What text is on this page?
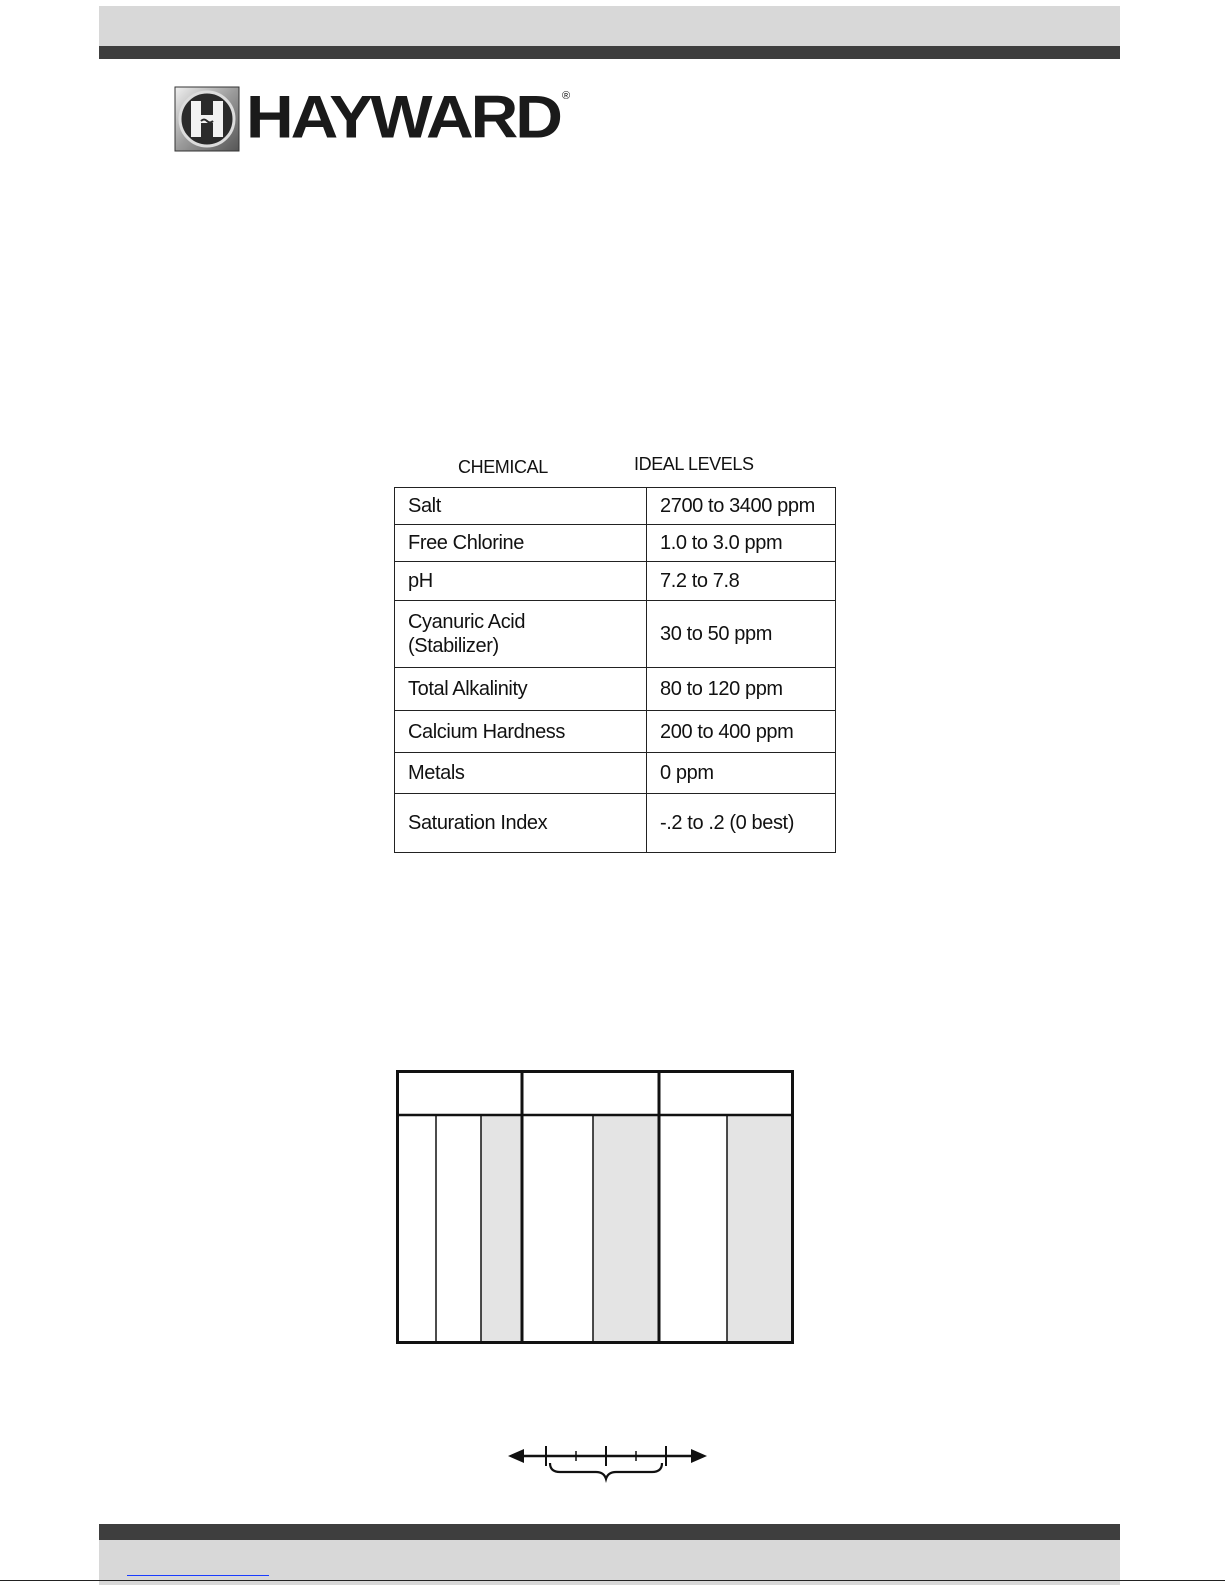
HAYWARD ®
CHEMICAL	IDEAL LEVELS
Salt	2700 to 3400 ppm
Free Chlorine	1.0 to 3.0 ppm
pH	7.2 to 7.8
Cyanuric Acid (Stabilizer)	30 to 50 ppm
Total Alkalinity	80 to 120 ppm
Calcium Hardness	200 to 400 ppm
Metals	0 ppm
Saturation Index	-.2 to .2 (0 best)
